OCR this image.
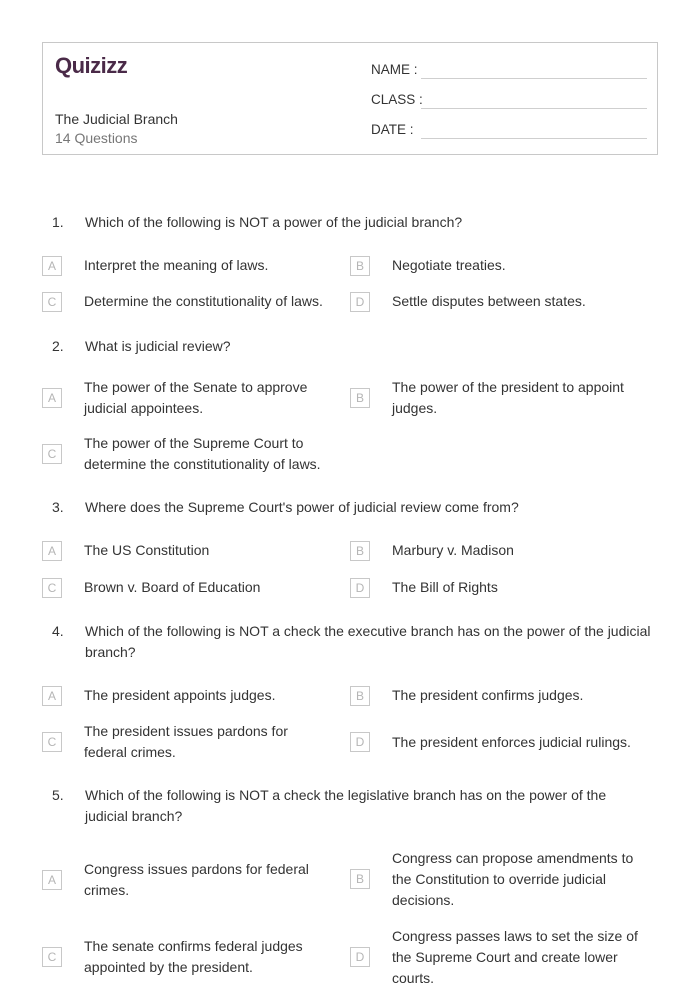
Quizizz
The Judicial Branch
14 Questions
NAME :
CLASS :
DATE :
1.	Which of the following is NOT a power of the judicial branch?
A	Interpret the meaning of laws.	B	Negotiate treaties.
C	Determine the constitutionality of laws.	D	Settle disputes between states.
2.	What is judicial review?
A
The power of the Senate to approve judicial appointees.
B
The power of the president to appoint judges.
C
The power of the Supreme Court to determine the constitutionality of laws.
3.	Where does the Supreme Court's power of judicial review come from?
A	The US Constitution	B	Marbury v. Madison
C	Brown v. Board of Education	D	The Bill of Rights
4.	Which of the following is NOT a check the executive branch has on the power of the judicial branch?
A	The president appoints judges.	B	The president confirms judges.
C
The president issues pardons for federal crimes.
D	The president enforces judicial rulings.
5.	Which of the following is NOT a check the legislative branch has on the power of the judicial branch?
A
Congress issues pardons for federal crimes.
B
Congress can propose amendments to the Constitution to override judicial decisions.
C
The senate confirms federal judges appointed by the president.
D
Congress passes laws to set the size of the Supreme Court and create lower courts.
